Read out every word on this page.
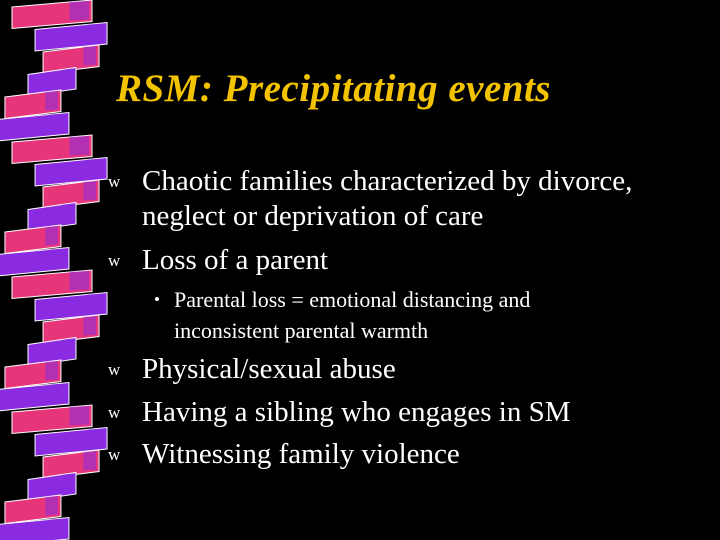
RSM: Precipitating events
w Chaotic families characterized by divorce,
neglect or deprivation of care
w Loss of a parent
• Parental loss = emotional distancing and
inconsistent parental warmth
w Physical/sexual abuse
w Having a sibling who engages in SM
w Witnessing family violence
